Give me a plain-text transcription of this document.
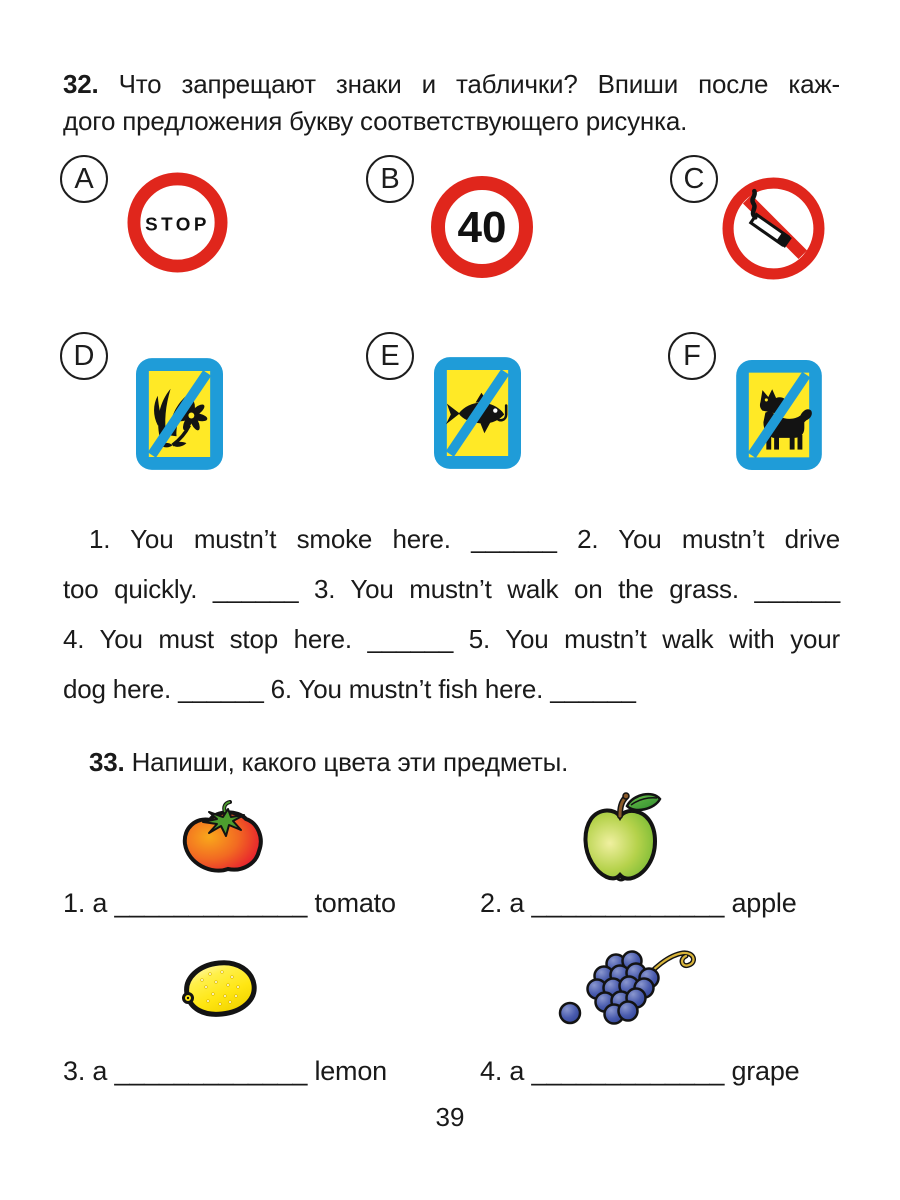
32. Что запрещают знаки и таблички? Впиши после каж-
дого предложения букву соответствующего рисунка.
A	B	C
STOP	40
D	E	F
1. You mustn’t smoke here. ______ 2. You mustn’t drive
too quickly. ______ 3. You mustn’t walk on the grass. ______
4. You must stop here. ______ 5. You mustn’t walk with your
dog here. ______ 6. You mustn’t fish here. ______
33. Напиши, какого цвета эти предметы.
1. a _____________ tomato	2. a _____________ apple
3. a _____________ lemon	4. a _____________ grape
39
